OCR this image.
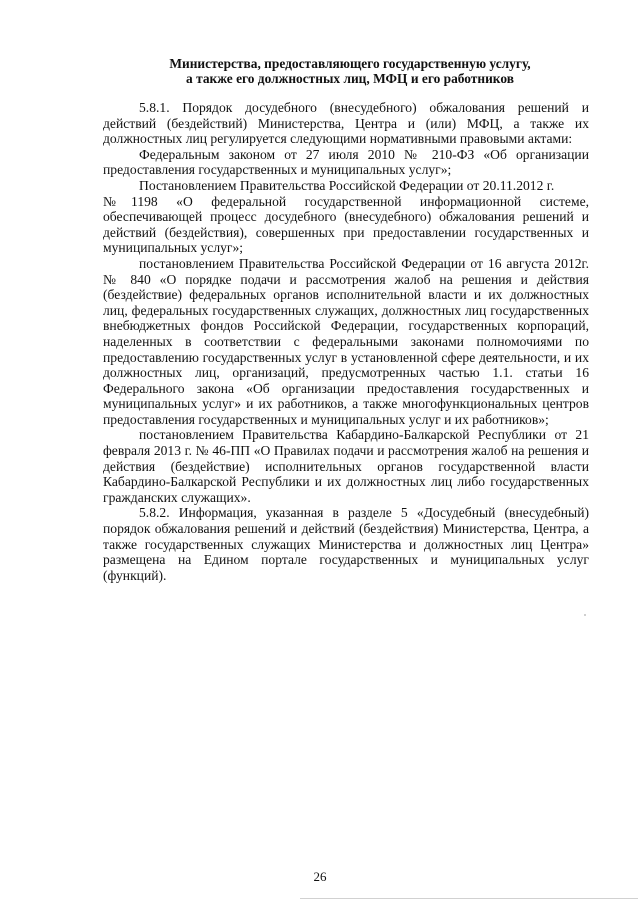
Министерства, предоставляющего государственную услугу,
а также его должностных лиц, МФЦ и его работников

5.8.1. Порядок досудебного (внесудебного) обжалования решений и действий (бездействий) Министерства, Центра и (или) МФЦ, а также их должностных лиц регулируется следующими нормативными правовыми актами:

Федеральным законом от 27 июля 2010 № 210-ФЗ «Об организации предоставления государственных и муниципальных услуг»;

Постановлением Правительства Российской Федерации от 20.11.2012 г.

№1198 «О федеральной государственной информационной системе, обеспечивающей процесс досудебного (внесудебного) обжалования решений и действий (бездействия), совершенных при предоставлении государственных и муниципальных услуг»;

постановлением Правительства Российской Федерации от 16 августа 2012г. № 840 «О порядке подачи и рассмотрения жалоб на решения и действия (бездействие) федеральных органов исполнительной власти и их должностных лиц, федеральных государственных служащих, должностных лиц государственных внебюджетных фондов Российской Федерации, государственных корпораций, наделенных в соответствии с федеральными законами полномочиями по предоставлению государственных услуг в установленной сфере деятельности, и их должностных лиц, организаций, предусмотренных частью 1.1. статьи 16 Федерального закона «Об организации предоставления государственных и муниципальных услуг» и их работников, а также многофункциональных центров предоставления государственных и муниципальных услуг и их работников»;

постановлением Правительства Кабардино-Балкарской Республики от 21 февраля 2013 г. № 46-ПП «О Правилах подачи и рассмотрения жалоб на решения и действия (бездействие) исполнительных органов государственной власти Кабардино-Балкарской Республики и их должностных лиц либо государственных гражданских служащих».

5.8.2. Информация, указанная в разделе 5 «Досудебный (внесудебный) порядок обжалования решений и действий (бездействия) Министерства, Центра, а также государственных служащих Министерства и должностных лиц Центра» размещена на Едином портале государственных и муниципальных услуг (функций).

26
